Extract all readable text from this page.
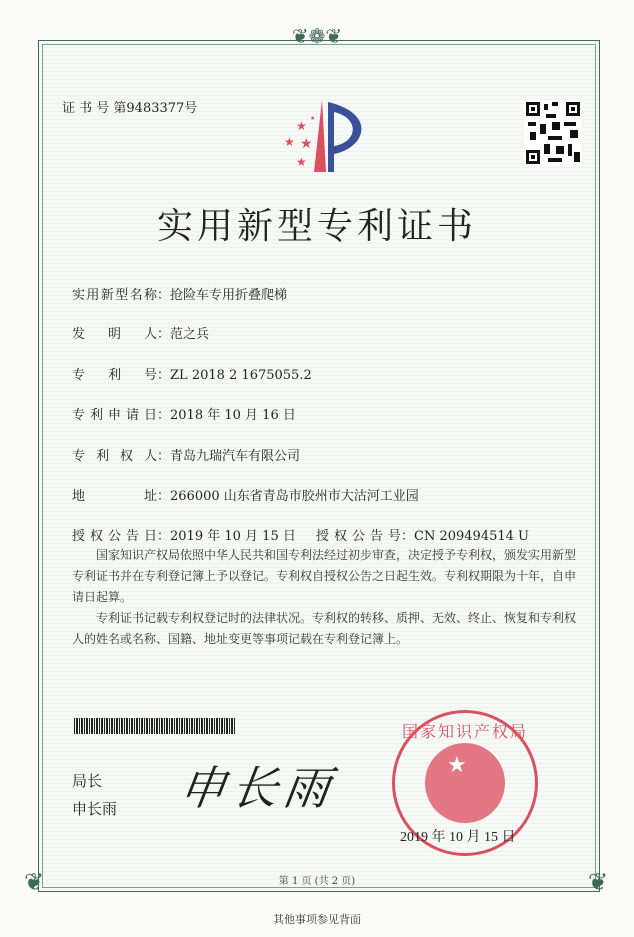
❦❁❦
❦	❦
证 书 号 第9483377号
★
★ ★
★
★
实用新型专利证书
实用新型名称：抢险车专用折叠爬梯
发明人：范之兵
专利号：ZL 2018 2 1675055.2
专利申请日：2018 年 10 月 16 日
专利权人：青岛九瑞汽车有限公司
地址：266000 山东省青岛市胶州市大沽河工业园
授权公告日：2019 年 10 月 15 日 授权公告号：CN 209494514 U

国家知识产权局依照中华人民共和国专利法经过初步审查，决定授予专利权，颁发实用新型专利证书并在专利登记簿上予以登记。专利权自授权公告之日起生效。专利权期限为十年，自申请日起算。

专利证书记载专利权登记时的法律状况。专利权的转移、质押、无效、终止、恢复和专利权人的姓名或名称、国籍、地址变更等事项记载在专利登记簿上。

局长
申长雨 申长雨	★
国家知识产权局
2019 年 10 月 15 日
第 1 页 (共 2 页)
其他事项参见背面
